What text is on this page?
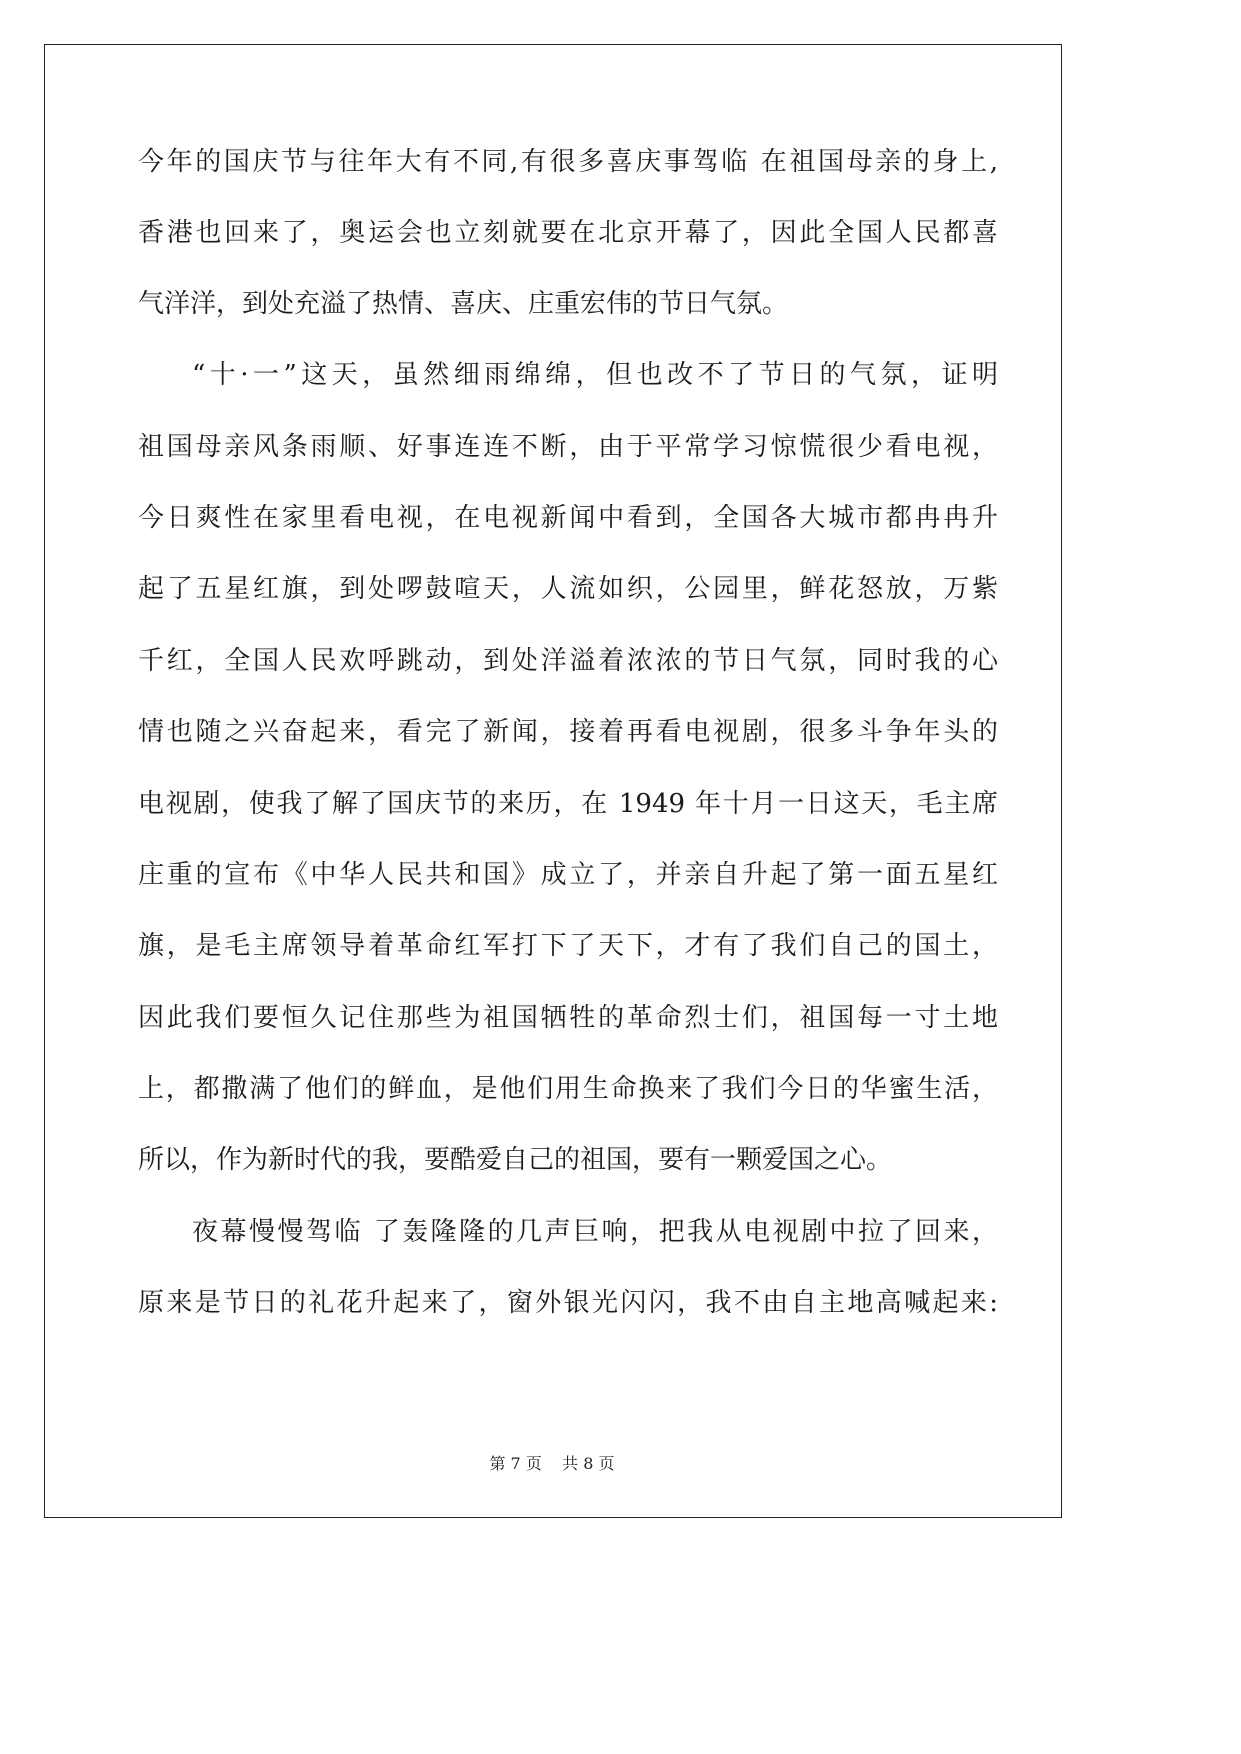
今年的国庆节与往年大有不同,有很多喜庆事驾临 在祖国母亲的身上,
香港也回来了，奥运会也立刻就要在北京开幕了，因此全国人民都喜
气洋洋，到处充溢了热情、喜庆、庄重宏伟的节日气氛。
“十·一”这天，虽然细雨绵绵，但也改不了节日的气氛，证明
祖国母亲风条雨顺、好事连连不断，由于平常学习惊慌很少看电视，
今日爽性在家里看电视，在电视新闻中看到，全国各大城市都冉冉升
起了五星红旗，到处啰鼓喧天，人流如织，公园里，鲜花怒放，万紫
千红，全国人民欢呼跳动，到处洋溢着浓浓的节日气氛，同时我的心
情也随之兴奋起来，看完了新闻，接着再看电视剧，很多斗争年头的
电视剧，使我了解了国庆节的来历，在 1949 年十月一日这天，毛主席
庄重的宣布《中华人民共和国》成立了，并亲自升起了第一面五星红
旗，是毛主席领导着革命红军打下了天下，才有了我们自己的国土，
因此我们要恒久记住那些为祖国牺牲的革命烈士们，祖国每一寸土地
上，都撒满了他们的鲜血，是他们用生命换来了我们今日的华蜜生活，
所以，作为新时代的我，要酷爱自己的祖国，要有一颗爱国之心。
夜幕慢慢驾临 了轰隆隆的几声巨响，把我从电视剧中拉了回来，
原来是节日的礼花升起来了，窗外银光闪闪，我不由自主地高喊起来:
第 7 页    共 8 页
